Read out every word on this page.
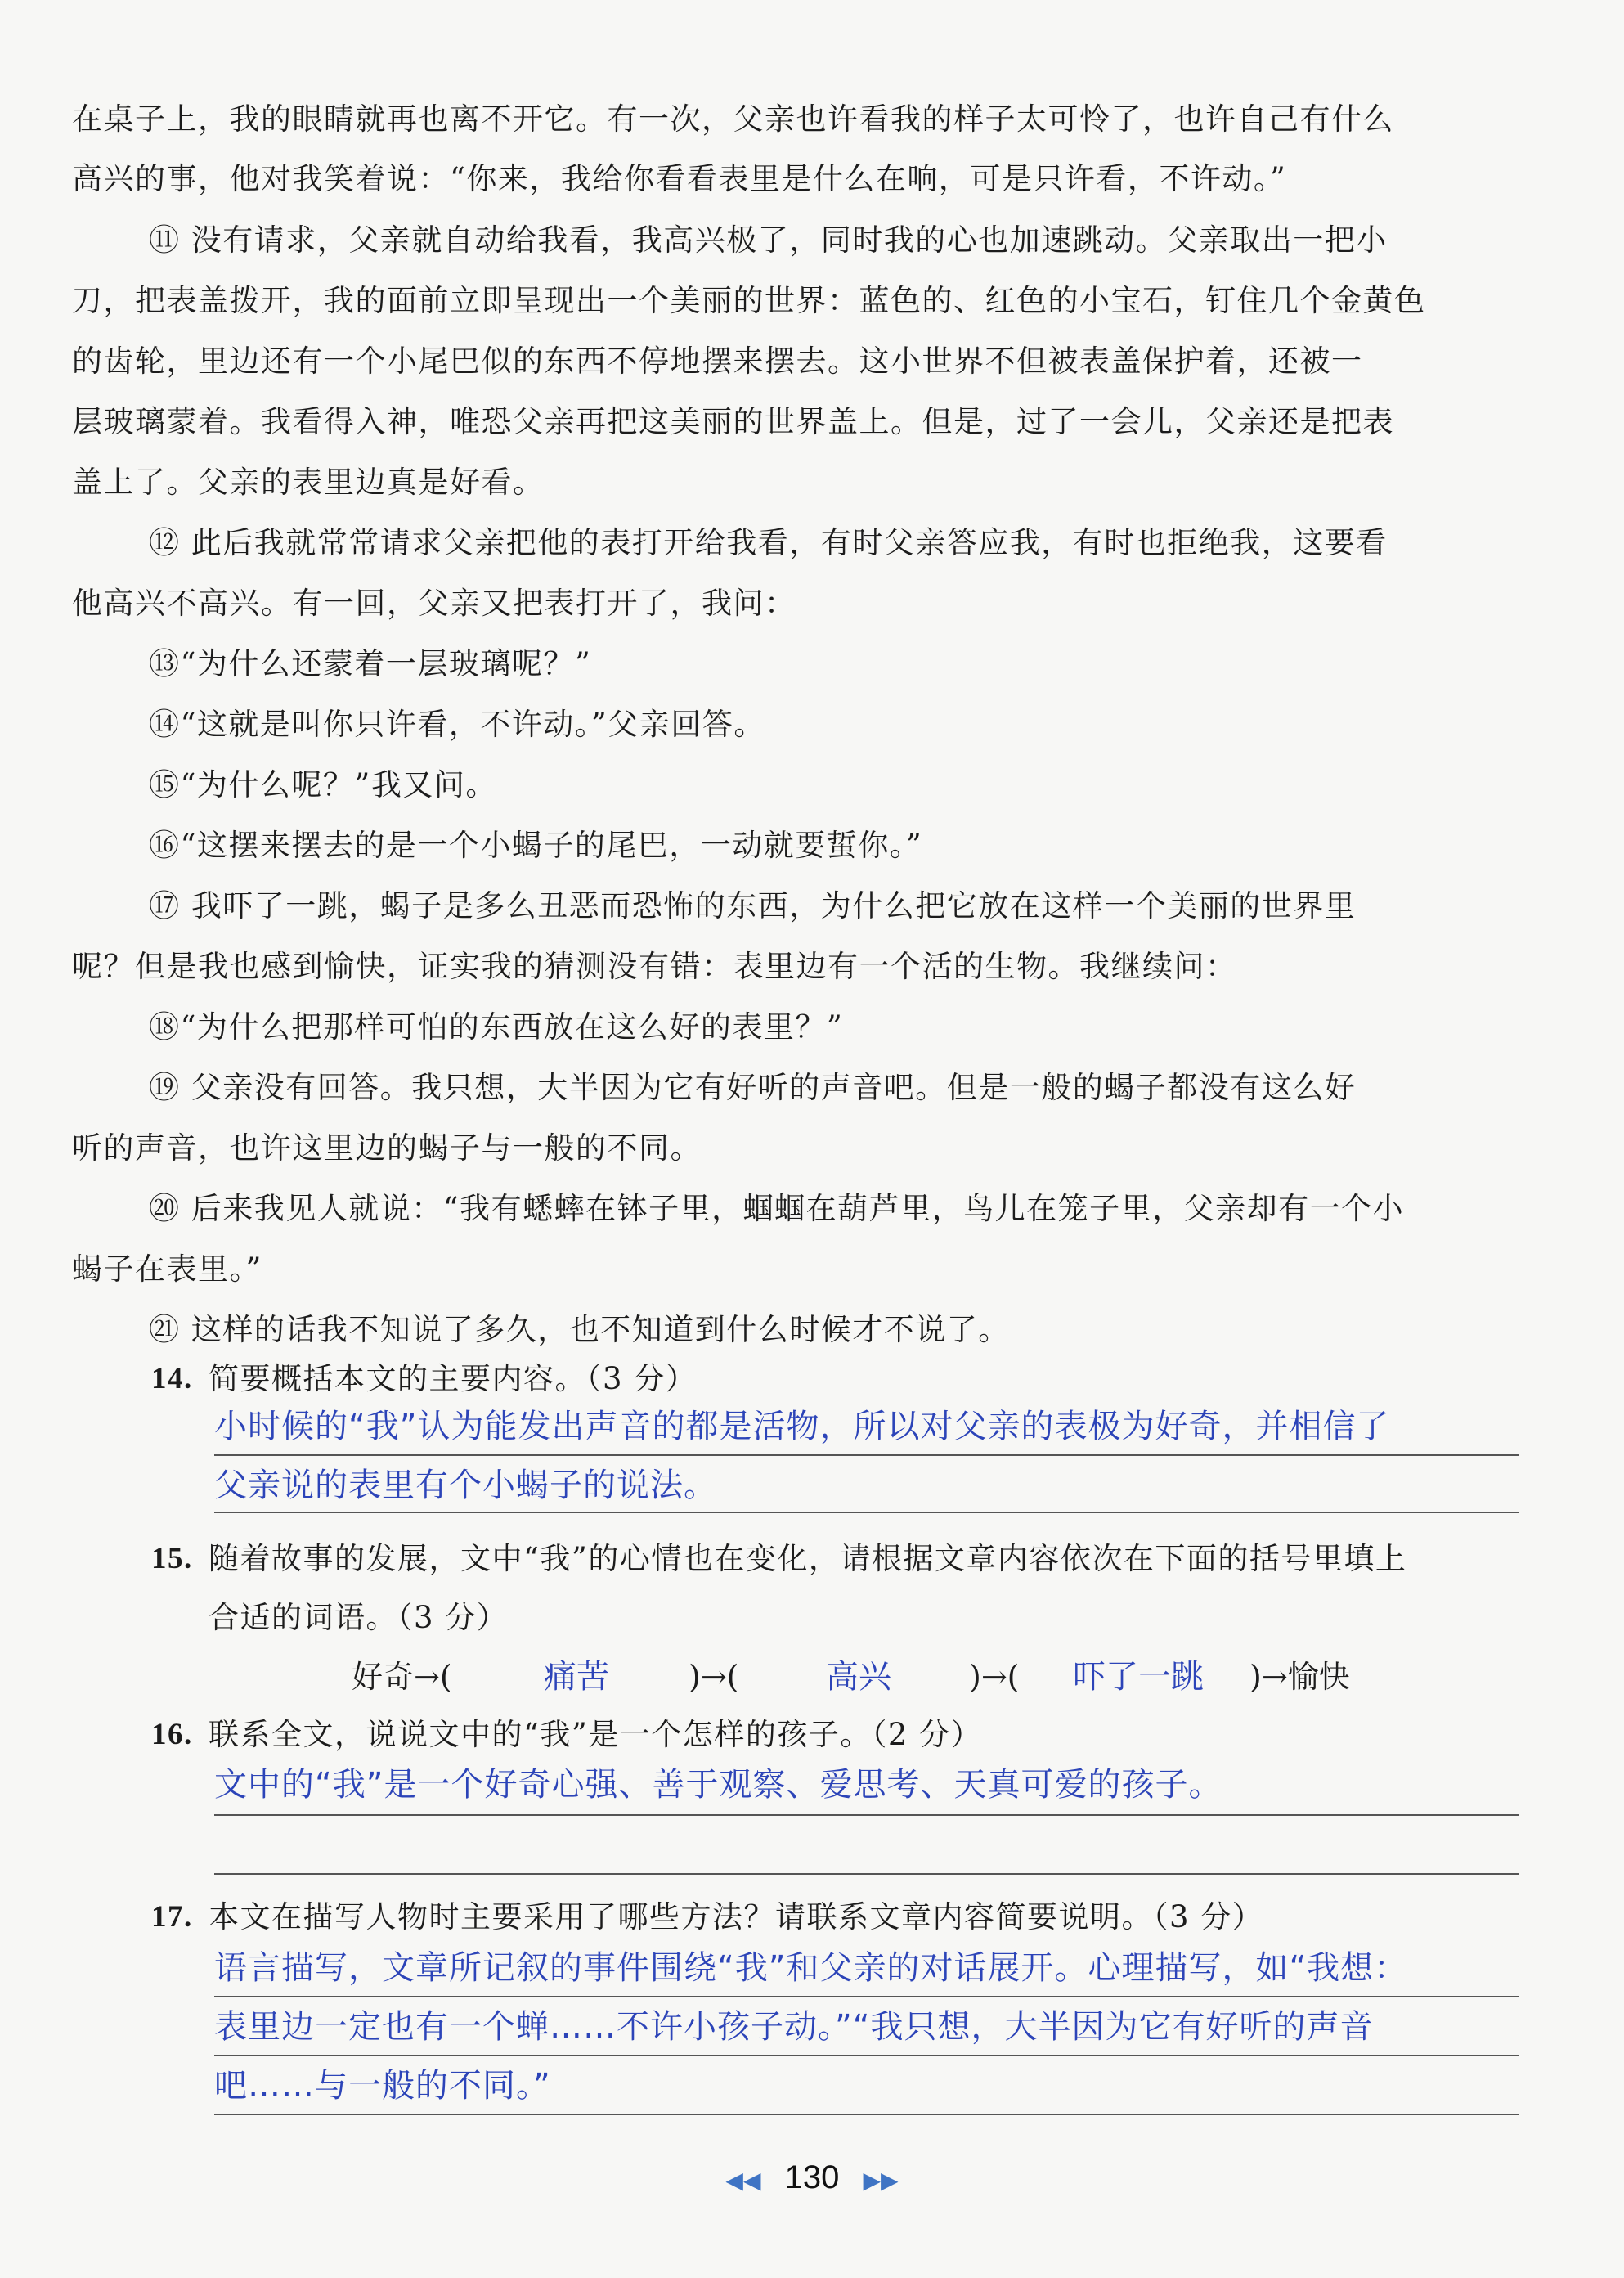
在桌子上，我的眼睛就再也离不开它。有一次，父亲也许看我的样子太可怜了，也许自己有什么
高兴的事，他对我笑着说：“你来，我给你看看表里是什么在响，可是只许看，不许动。”
⑪ 没有请求，父亲就自动给我看，我高兴极了，同时我的心也加速跳动。父亲取出一把小
刀，把表盖拨开，我的面前立即呈现出一个美丽的世界：蓝色的、红色的小宝石，钉住几个金黄色
的齿轮，里边还有一个小尾巴似的东西不停地摆来摆去。这小世界不但被表盖保护着，还被一
层玻璃蒙着。我看得入神，唯恐父亲再把这美丽的世界盖上。但是，过了一会儿，父亲还是把表
盖上了。父亲的表里边真是好看。
⑫ 此后我就常常请求父亲把他的表打开给我看，有时父亲答应我，有时也拒绝我，这要看
他高兴不高兴。有一回，父亲又把表打开了，我问：
⑬“为什么还蒙着一层玻璃呢？”
⑭“这就是叫你只许看，不许动。”父亲回答。
⑮“为什么呢？”我又问。
⑯“这摆来摆去的是一个小蝎子的尾巴，一动就要蜇你。”
⑰ 我吓了一跳，蝎子是多么丑恶而恐怖的东西，为什么把它放在这样一个美丽的世界里
呢？但是我也感到愉快，证实我的猜测没有错：表里边有一个活的生物。我继续问：
⑱“为什么把那样可怕的东西放在这么好的表里？”
⑲ 父亲没有回答。我只想，大半因为它有好听的声音吧。但是一般的蝎子都没有这么好
听的声音，也许这里边的蝎子与一般的不同。
⑳ 后来我见人就说：“我有蟋蟀在钵子里，蝈蝈在葫芦里，鸟儿在笼子里，父亲却有一个小
蝎子在表里。”
㉑ 这样的话我不知说了多久，也不知道到什么时候才不说了。
14. 简要概括本文的主要内容。（3 分）
小时候的“我”认为能发出声音的都是活物，所以对父亲的表极为好奇，并相信了
父亲说的表里有个小蝎子的说法。
15. 随着故事的发展，文中“我”的心情也在变化，请根据文章内容依次在下面的括号里填上
合适的词语。（3 分）
好奇→(	痛苦	)→(	高兴	)→( 吓了一跳 )→愉快
16. 联系全文，说说文中的“我”是一个怎样的孩子。（2 分）
文中的“我”是一个好奇心强、善于观察、爱思考、天真可爱的孩子。
17. 本文在描写人物时主要采用了哪些方法？请联系文章内容简要说明。（3 分）
语言描写，文章所记叙的事件围绕“我”和父亲的对话展开。心理描写，如“我想：
表里边一定也有一个蝉……不许小孩子动。”“我只想，大半因为它有好听的声音
吧……与一般的不同。”
◀◀ 130 ▶▶
